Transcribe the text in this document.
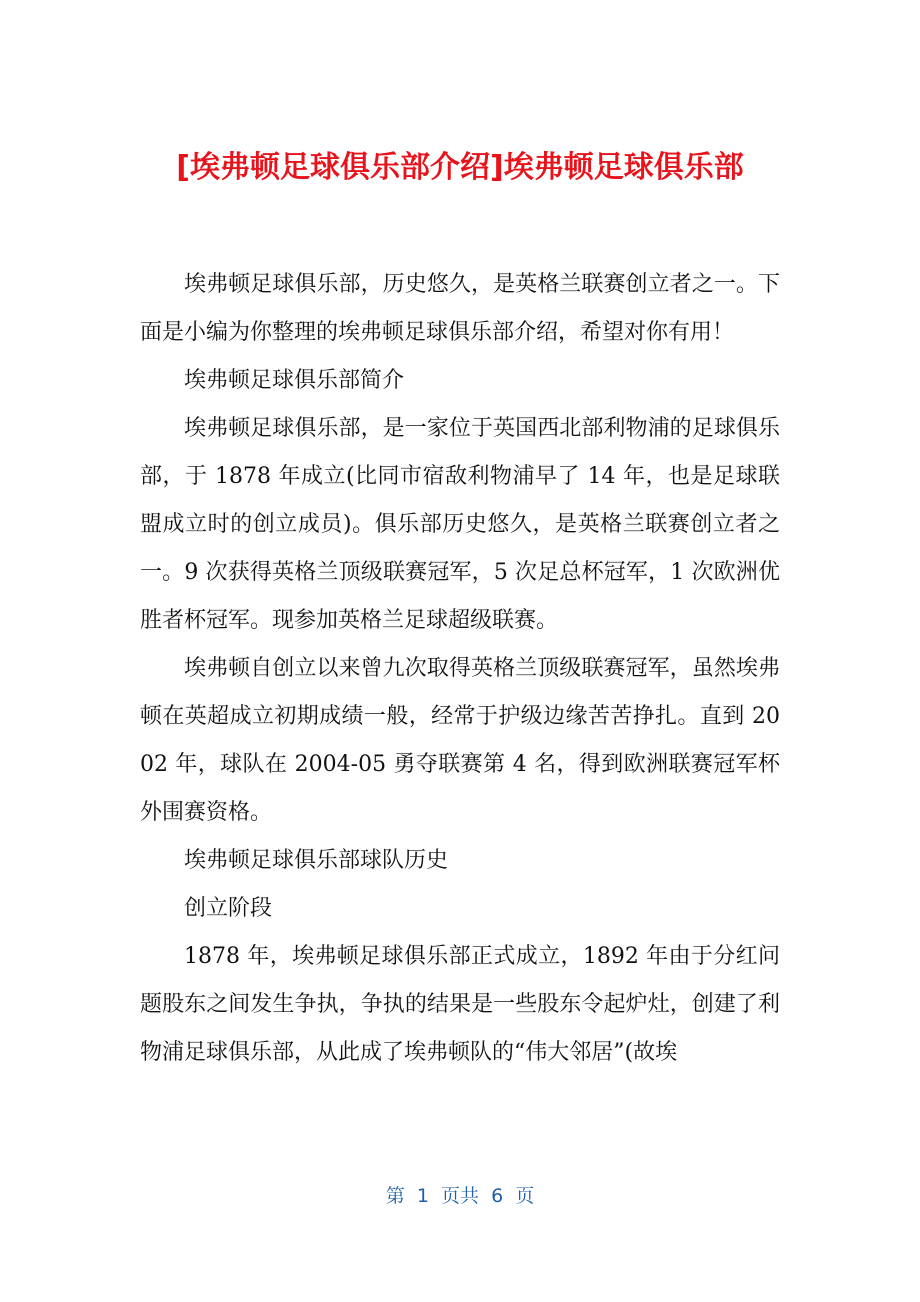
[埃弗顿足球俱乐部介绍]埃弗顿足球俱乐部

埃弗顿足球俱乐部，历史悠久，是英格兰联赛创立者之一。下面是小编为你整理的埃弗顿足球俱乐部介绍，希望对你有用！

埃弗顿足球俱乐部简介

埃弗顿足球俱乐部，是一家位于英国西北部利物浦的足球俱乐部，于 1878 年成立(比同市宿敌利物浦早了 14 年，也是足球联盟成立时的创立成员)。俱乐部历史悠久，是英格兰联赛创立者之一。9 次获得英格兰顶级联赛冠军，5 次足总杯冠军，1 次欧洲优胜者杯冠军。现参加英格兰足球超级联赛。

埃弗顿自创立以来曾九次取得英格兰顶级联赛冠军，虽然埃弗顿在英超成立初期成绩一般，经常于护级边缘苦苦挣扎。直到 2002 年，球队在 2004-05 勇夺联赛第 4 名，得到欧洲联赛冠军杯外围赛资格。

埃弗顿足球俱乐部球队历史

创立阶段

1878 年，埃弗顿足球俱乐部正式成立，1892 年由于分红问题股东之间发生争执，争执的结果是一些股东令起炉灶，创建了利物浦足球俱乐部，从此成了埃弗顿队的“伟大邻居”(故埃

第  1  页共  6  页
